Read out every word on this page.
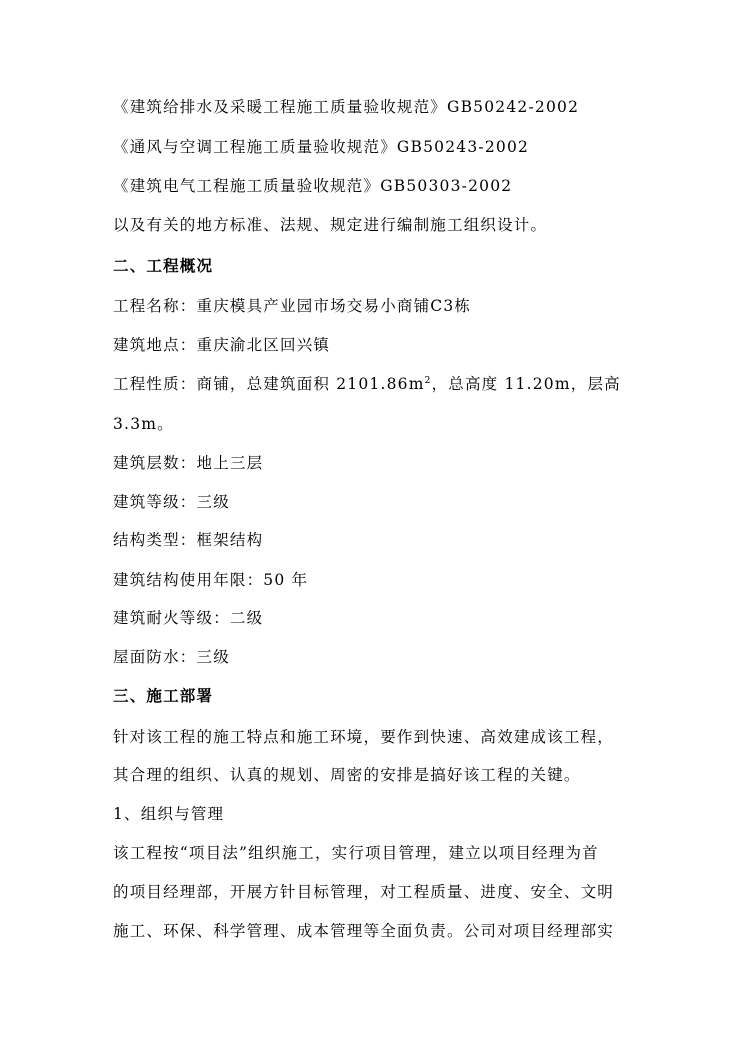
《建筑给排水及采暖工程施工质量验收规范》GB50242-2002
《通风与空调工程施工质量验收规范》GB50243-2002
《建筑电气工程施工质量验收规范》GB50303-2002
以及有关的地方标准、法规、规定进行编制施工组织设计。
二、工程概况
工程名称：重庆模具产业园市场交易小商铺C3栋
建筑地点：重庆渝北区回兴镇
工程性质：商铺，总建筑面积 $2101.86m^2$，总高度 11.20m，层高
3.3m。
建筑层数：地上三层
建筑等级：三级
结构类型：框架结构
建筑结构使用年限：50 年
建筑耐火等级：二级
屋面防水：三级
三、施工部署
针对该工程的施工特点和施工环境，要作到快速、高效建成该工程，
其合理的组织、认真的规划、周密的安排是搞好该工程的关键。
1、组织与管理
该工程按“项目法”组织施工，实行项目管理，建立以项目经理为首
的项目经理部，开展方针目标管理，对工程质量、进度、安全、文明
施工、环保、科学管理、成本管理等全面负责。公司对项目经理部实
